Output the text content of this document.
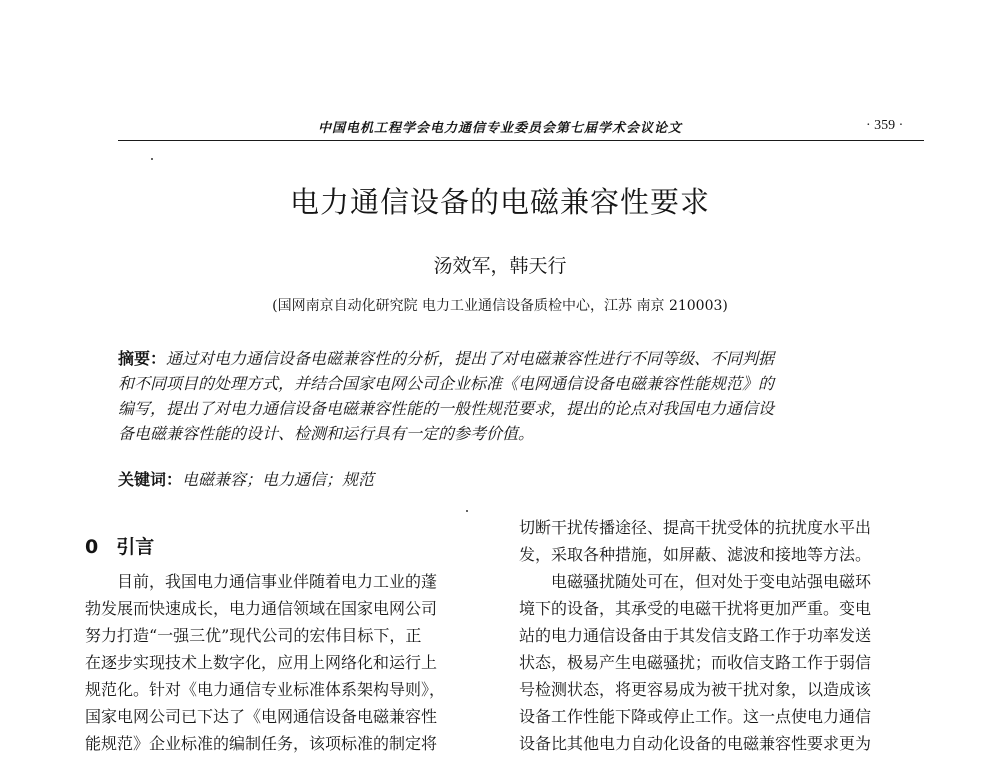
中国电机工程学会电力通信专业委员会第七届学术会议论文	· 359 ·
电力通信设备的电磁兼容性要求
汤效军，韩天行
(国网南京自动化研究院 电力工业通信设备质检中心，江苏 南京 210003)
摘要：通过对电力通信设备电磁兼容性的分析，提出了对电磁兼容性进行不同等级、不同判据
和不同项目的处理方式，并结合国家电网公司企业标准《电网通信设备电磁兼容性能规范》的
编写，提出了对电力通信设备电磁兼容性能的一般性规范要求，提出的论点对我国电力通信设
备电磁兼容性能的设计、检测和运行具有一定的参考价值。
关键词：电磁兼容；电力通信；规范
0 引言
　　目前，我国电力通信事业伴随着电力工业的蓬
勃发展而快速成长，电力通信领域在国家电网公司
努力打造“一强三优”现代公司的宏伟目标下，正
在逐步实现技术上数字化，应用上网络化和运行上
规范化。针对《电力通信专业标准体系架构导则》，
国家电网公司已下达了《电网通信设备电磁兼容性
能规范》企业标准的编制任务，该项标准的制定将
切断干扰传播途径、提高干扰受体的抗扰度水平出
发，采取各种措施，如屏蔽、滤波和接地等方法。
　　电磁骚扰随处可在，但对处于变电站强电磁环
境下的设备，其承受的电磁干扰将更加严重。变电
站的电力通信设备由于其发信支路工作于功率发送
状态，极易产生电磁骚扰；而收信支路工作于弱信
号检测状态，将更容易成为被干扰对象，以造成该
设备工作性能下降或停止工作。这一点使电力通信
设备比其他电力自动化设备的电磁兼容性要求更为
